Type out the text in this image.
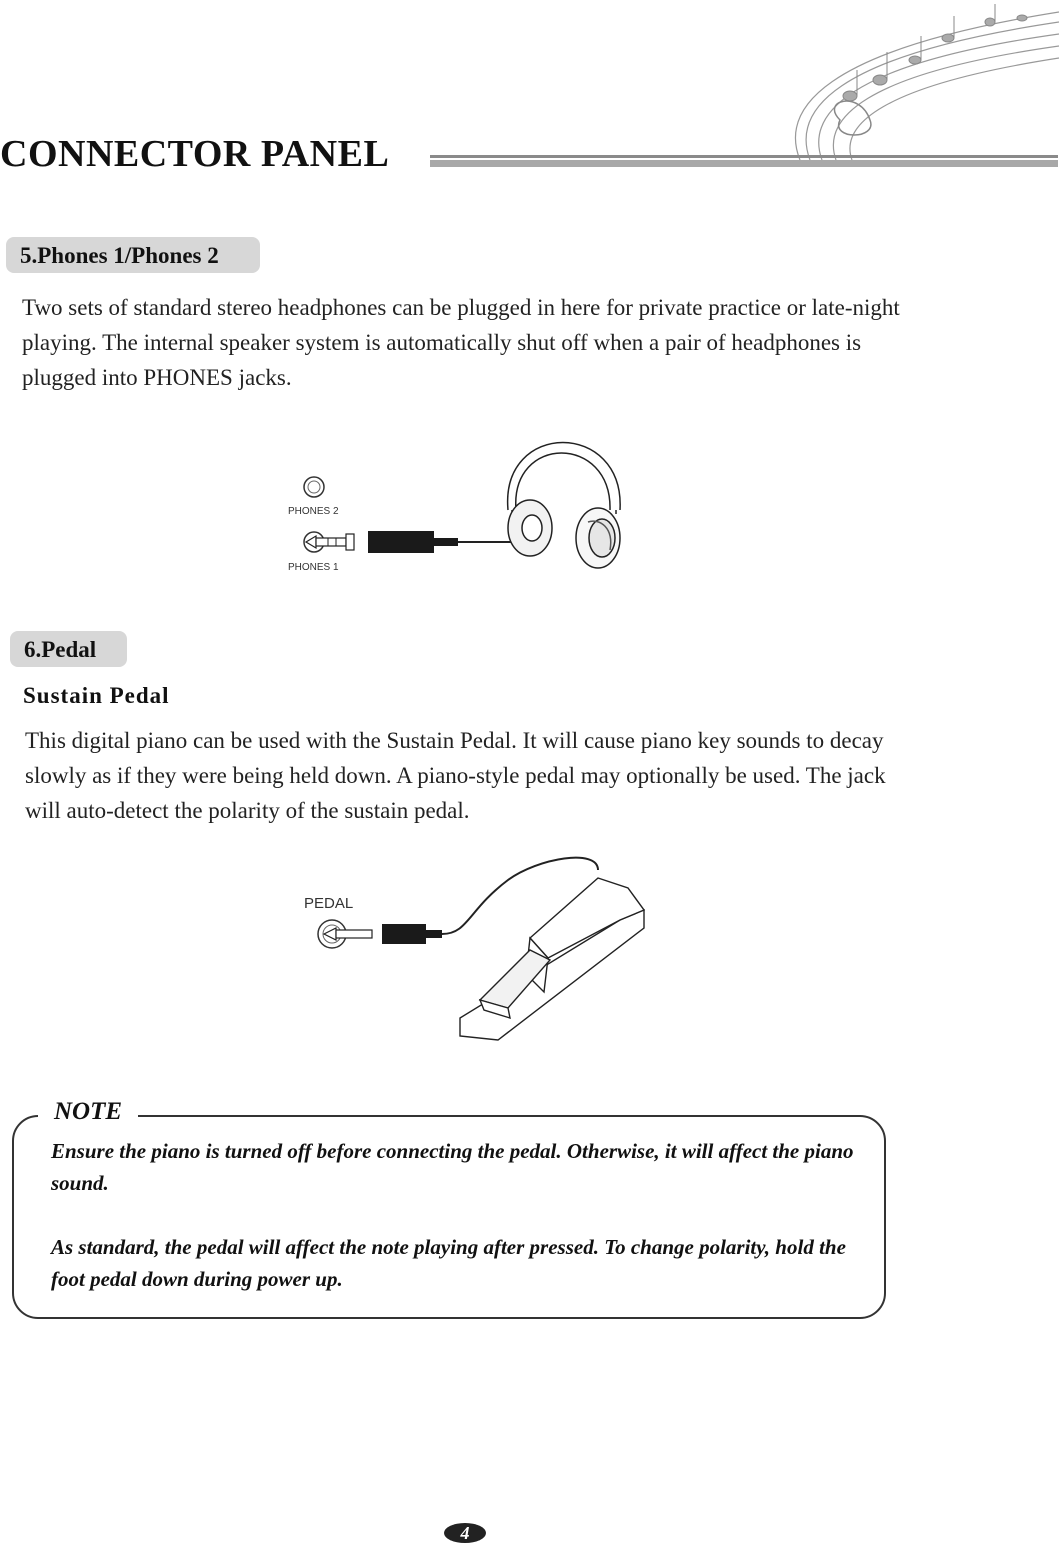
CONNECTOR PANEL
5.Phones 1/Phones 2

Two sets of standard stereo headphones can be plugged in here for private practice or late-night playing. The internal speaker system is automatically shut off when a pair of headphones is plugged into PHONES jacks.

PHONES 2
PHONES 1
6.Pedal
Sustain Pedal

This digital piano can be used with the Sustain Pedal. It will cause piano key sounds to decay slowly as if they were being held down. A piano-style pedal may optionally be used. The jack will auto-detect the polarity of the sustain pedal.

PEDAL
NOTE

Ensure the piano is turned off before connecting the pedal. Otherwise, it will affect the piano sound.

As standard, the pedal will affect the note playing after pressed. To change polarity, hold the foot pedal down during power up.

4
